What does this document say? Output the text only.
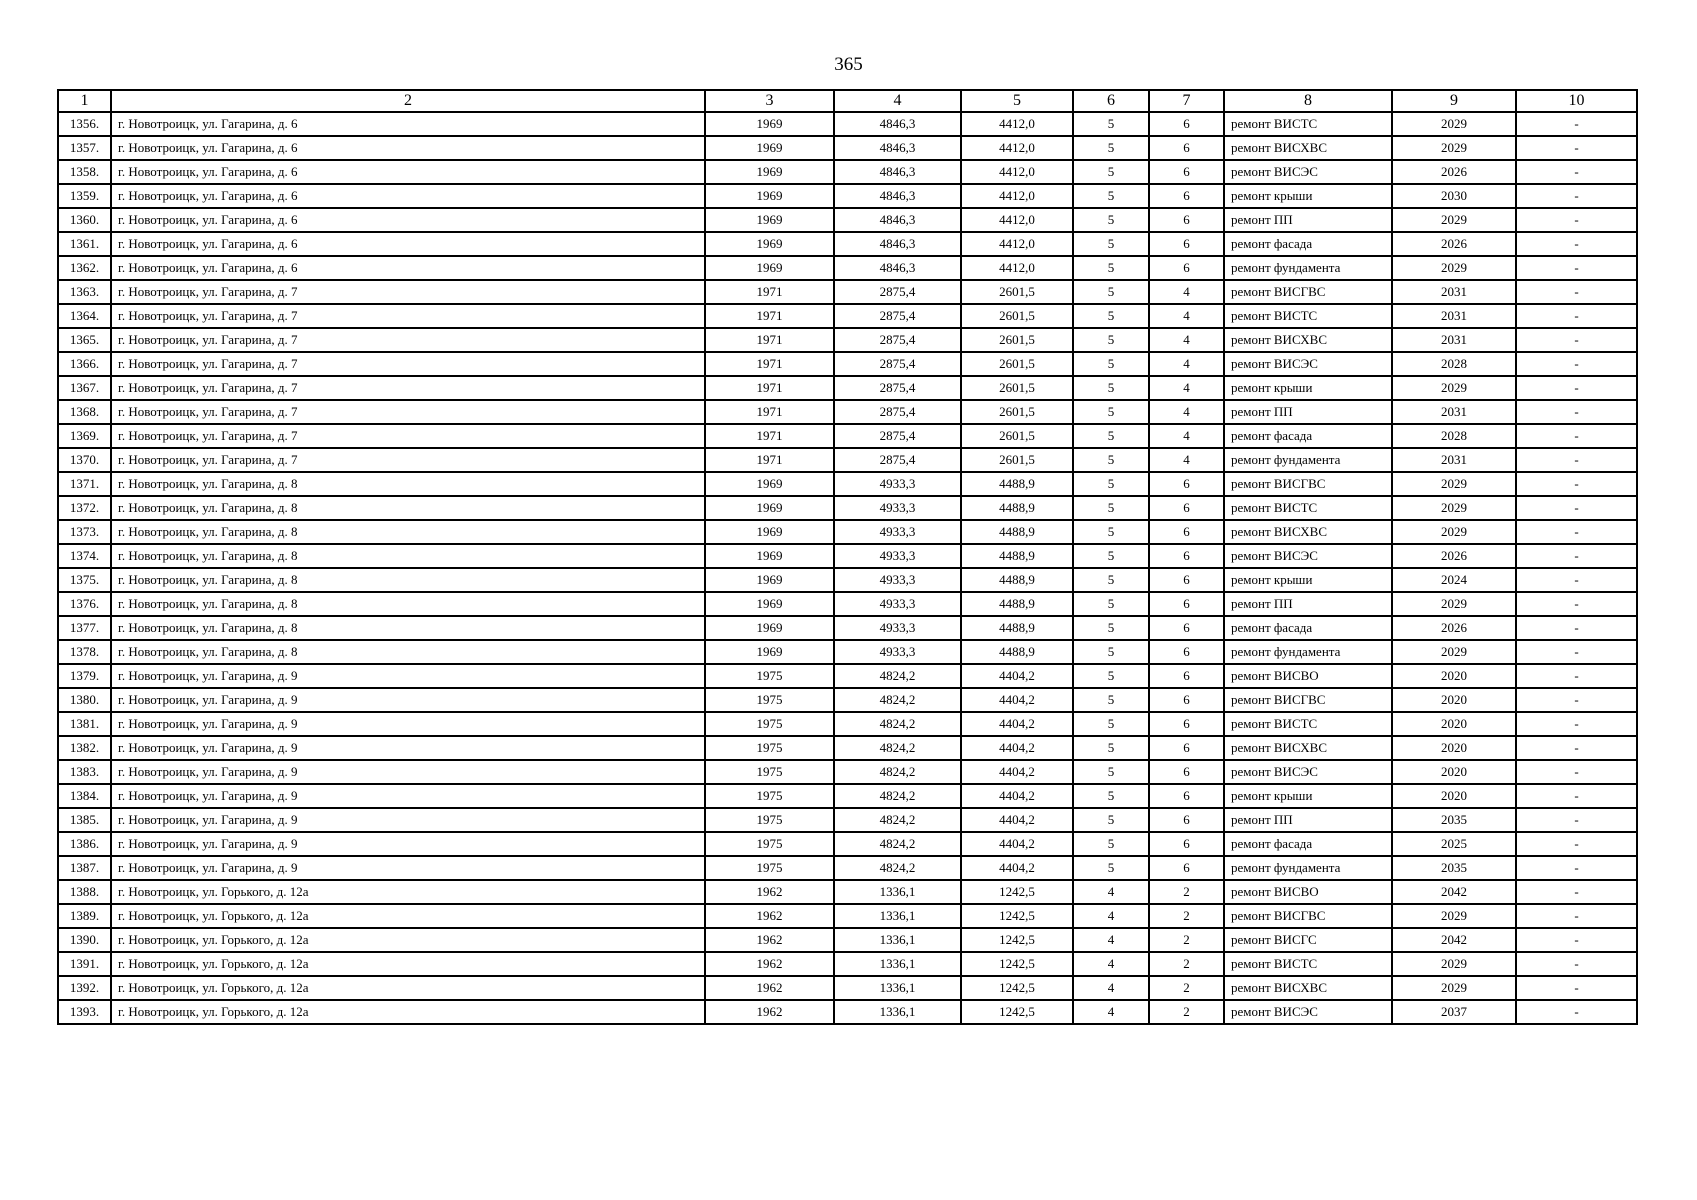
365
1	2	3	4	5	6	7	8	9	10
1356.	г. Новотроицк, ул. Гагарина, д. 6	1969	4846,3	4412,0	5	6	ремонт ВИСТС	2029	-
1357.	г. Новотроицк, ул. Гагарина, д. 6	1969	4846,3	4412,0	5	6	ремонт ВИСХВС	2029	-
1358.	г. Новотроицк, ул. Гагарина, д. 6	1969	4846,3	4412,0	5	6	ремонт ВИСЭС	2026	-
1359.	г. Новотроицк, ул. Гагарина, д. 6	1969	4846,3	4412,0	5	6	ремонт крыши	2030	-
1360.	г. Новотроицк, ул. Гагарина, д. 6	1969	4846,3	4412,0	5	6	ремонт ПП	2029	-
1361.	г. Новотроицк, ул. Гагарина, д. 6	1969	4846,3	4412,0	5	6	ремонт фасада	2026	-
1362.	г. Новотроицк, ул. Гагарина, д. 6	1969	4846,3	4412,0	5	6	ремонт фундамента	2029	-
1363.	г. Новотроицк, ул. Гагарина, д. 7	1971	2875,4	2601,5	5	4	ремонт ВИСГВС	2031	-
1364.	г. Новотроицк, ул. Гагарина, д. 7	1971	2875,4	2601,5	5	4	ремонт ВИСТС	2031	-
1365.	г. Новотроицк, ул. Гагарина, д. 7	1971	2875,4	2601,5	5	4	ремонт ВИСХВС	2031	-
1366.	г. Новотроицк, ул. Гагарина, д. 7	1971	2875,4	2601,5	5	4	ремонт ВИСЭС	2028	-
1367.	г. Новотроицк, ул. Гагарина, д. 7	1971	2875,4	2601,5	5	4	ремонт крыши	2029	-
1368.	г. Новотроицк, ул. Гагарина, д. 7	1971	2875,4	2601,5	5	4	ремонт ПП	2031	-
1369.	г. Новотроицк, ул. Гагарина, д. 7	1971	2875,4	2601,5	5	4	ремонт фасада	2028	-
1370.	г. Новотроицк, ул. Гагарина, д. 7	1971	2875,4	2601,5	5	4	ремонт фундамента	2031	-
1371.	г. Новотроицк, ул. Гагарина, д. 8	1969	4933,3	4488,9	5	6	ремонт ВИСГВС	2029	-
1372.	г. Новотроицк, ул. Гагарина, д. 8	1969	4933,3	4488,9	5	6	ремонт ВИСТС	2029	-
1373.	г. Новотроицк, ул. Гагарина, д. 8	1969	4933,3	4488,9	5	6	ремонт ВИСХВС	2029	-
1374.	г. Новотроицк, ул. Гагарина, д. 8	1969	4933,3	4488,9	5	6	ремонт ВИСЭС	2026	-
1375.	г. Новотроицк, ул. Гагарина, д. 8	1969	4933,3	4488,9	5	6	ремонт крыши	2024	-
1376.	г. Новотроицк, ул. Гагарина, д. 8	1969	4933,3	4488,9	5	6	ремонт ПП	2029	-
1377.	г. Новотроицк, ул. Гагарина, д. 8	1969	4933,3	4488,9	5	6	ремонт фасада	2026	-
1378.	г. Новотроицк, ул. Гагарина, д. 8	1969	4933,3	4488,9	5	6	ремонт фундамента	2029	-
1379.	г. Новотроицк, ул. Гагарина, д. 9	1975	4824,2	4404,2	5	6	ремонт ВИСВО	2020	-
1380.	г. Новотроицк, ул. Гагарина, д. 9	1975	4824,2	4404,2	5	6	ремонт ВИСГВС	2020	-
1381.	г. Новотроицк, ул. Гагарина, д. 9	1975	4824,2	4404,2	5	6	ремонт ВИСТС	2020	-
1382.	г. Новотроицк, ул. Гагарина, д. 9	1975	4824,2	4404,2	5	6	ремонт ВИСХВС	2020	-
1383.	г. Новотроицк, ул. Гагарина, д. 9	1975	4824,2	4404,2	5	6	ремонт ВИСЭС	2020	-
1384.	г. Новотроицк, ул. Гагарина, д. 9	1975	4824,2	4404,2	5	6	ремонт крыши	2020	-
1385.	г. Новотроицк, ул. Гагарина, д. 9	1975	4824,2	4404,2	5	6	ремонт ПП	2035	-
1386.	г. Новотроицк, ул. Гагарина, д. 9	1975	4824,2	4404,2	5	6	ремонт фасада	2025	-
1387.	г. Новотроицк, ул. Гагарина, д. 9	1975	4824,2	4404,2	5	6	ремонт фундамента	2035	-
1388.	г. Новотроицк, ул. Горького, д. 12а	1962	1336,1	1242,5	4	2	ремонт ВИСВО	2042	-
1389.	г. Новотроицк, ул. Горького, д. 12а	1962	1336,1	1242,5	4	2	ремонт ВИСГВС	2029	-
1390.	г. Новотроицк, ул. Горького, д. 12а	1962	1336,1	1242,5	4	2	ремонт ВИСГС	2042	-
1391.	г. Новотроицк, ул. Горького, д. 12а	1962	1336,1	1242,5	4	2	ремонт ВИСТС	2029	-
1392.	г. Новотроицк, ул. Горького, д. 12а	1962	1336,1	1242,5	4	2	ремонт ВИСХВС	2029	-
1393.	г. Новотроицк, ул. Горького, д. 12а	1962	1336,1	1242,5	4	2	ремонт ВИСЭС	2037	-
